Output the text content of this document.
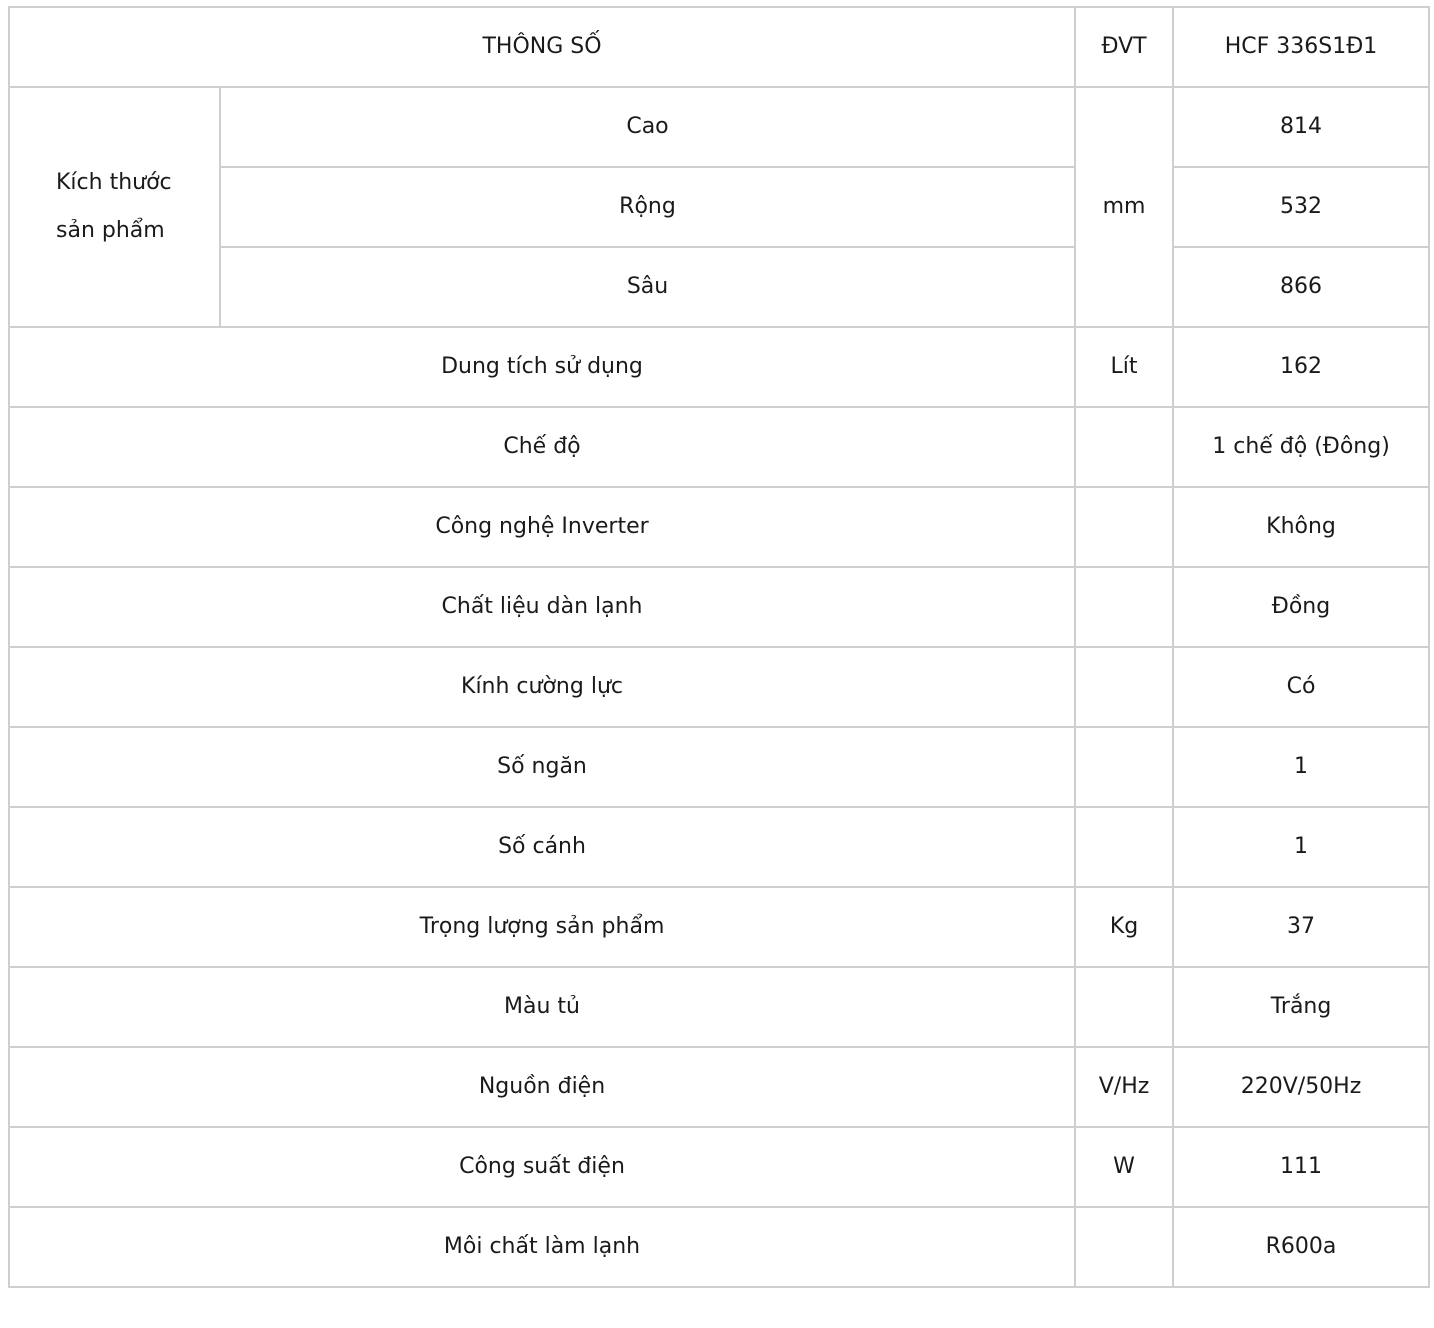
THÔNG SỐ		ĐVT	HCF 336S1Đ1

Kích thước
sản phẩm	Cao	mm	814
	Rộng		532
	Sâu		866
Dung tích sử dụng		Lít	162
Chế độ			1 chế độ (Đông)
Công nghệ Inverter			Không
Chất liệu dàn lạnh			Đồng
Kính cường lực			Có
Số ngăn			1
Số cánh			1
Trọng lượng sản phẩm		Kg	37
Màu tủ			Trắng
Nguồn điện		V/Hz	220V/50Hz
Công suất điện		W	111
Môi chất làm lạnh			R600a
